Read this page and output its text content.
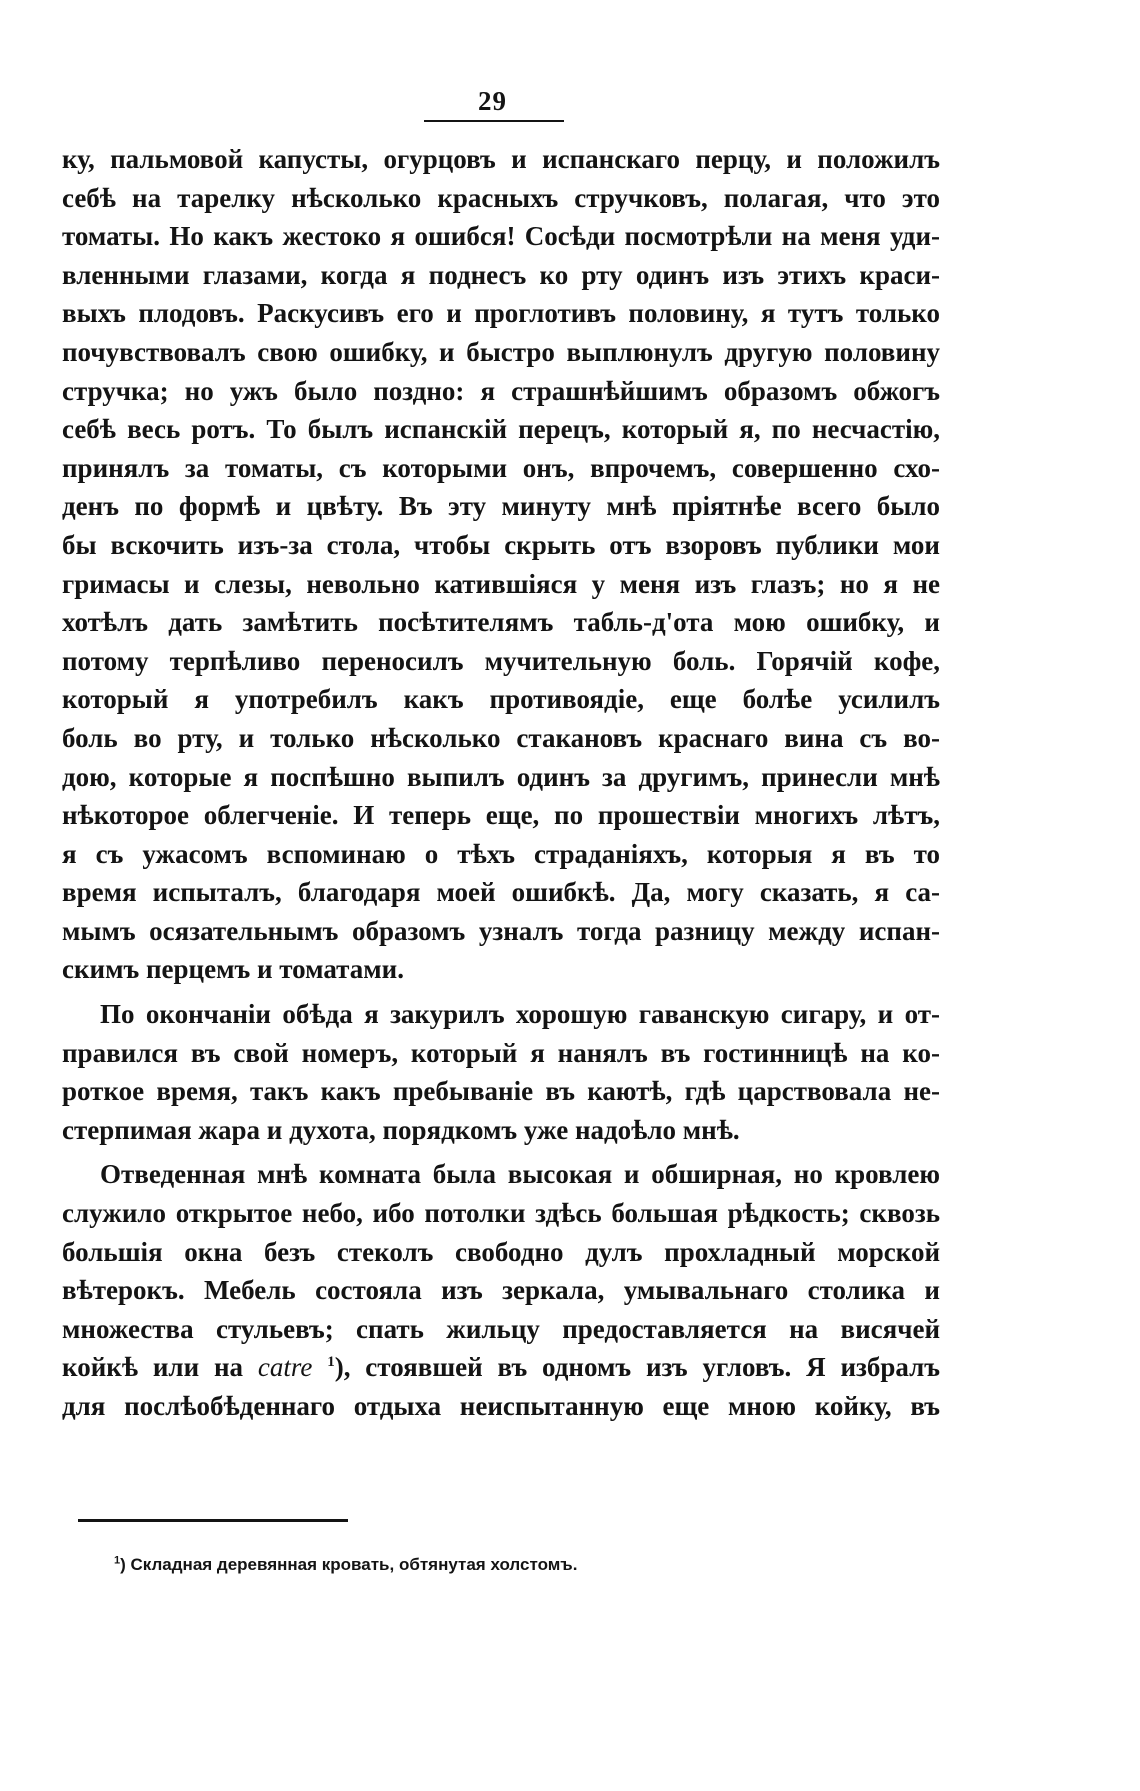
29
ку, пальмовой капусты, огурцовъ и испанскаго перцу, и положилъ
себѣ на тарелку нѣсколько красныхъ стручковъ, полагая, что это
томаты. Но какъ жестоко я ошибся! Сосѣди посмотрѣли на меня уди-
вленными глазами, когда я поднесъ ко рту одинъ изъ этихъ краси-
выхъ плодовъ. Раскусивъ его и проглотивъ половину, я тутъ только
почувствовалъ свою ошибку, и быстро выплюнулъ другую половину
стручка; но ужъ было поздно: я страшнѣйшимъ образомъ обжогъ
себѣ весь ротъ. То былъ испанскій перецъ, который я, по несчастію,
принялъ за томаты, съ которыми онъ, впрочемъ, совершенно схо-
денъ по формѣ и цвѣту. Въ эту минуту мнѣ пріятнѣе всего было
бы вскочить изъ-за стола, чтобы скрыть отъ взоровъ публики мои
гримасы и слезы, невольно катившіяся у меня изъ глазъ; но я не
хотѣлъ дать замѣтить посѣтителямъ табль-д'ота мою ошибку, и
потому терпѣливо переносилъ мучительную боль. Горячій кофе,
который я употребилъ какъ противоядіе, еще болѣе усилилъ
боль во рту, и только нѣсколько стакановъ краснаго вина съ во-
дою, которые я поспѣшно выпилъ одинъ за другимъ, принесли мнѣ
нѣкоторое облегченіе. И теперь еще, по прошествіи многихъ лѣтъ,
я съ ужасомъ вспоминаю о тѣхъ страданіяхъ, которыя я въ то
время испыталъ, благодаря моей ошибкѣ. Да, могу сказать, я са-
мымъ осязательнымъ образомъ узналъ тогда разницу между испан-
скимъ перцемъ и томатами.
По окончаніи обѣда я закурилъ хорошую гаванскую сигару, и от-
правился въ свой номеръ, который я нанялъ въ гостинницѣ на ко-
роткое время, такъ какъ пребываніе въ каютѣ, гдѣ царствовала не-
стерпимая жара и духота, порядкомъ уже надоѣло мнѣ.
Отведенная мнѣ комната была высокая и обширная, но кровлею
служило открытое небо, ибо потолки здѣсь большая рѣдкость; сквозь
большія окна безъ стеколъ свободно дулъ прохладный морской
вѣтерокъ. Мебель состояла изъ зеркала, умывальнаго столика и
множества стульевъ; спать жильцу предоставляется на висячей
койкѣ или на catre $^1$), стоявшей въ одномъ изъ угловъ. Я избралъ
для послѣобѣденнаго отдыха неиспытанную еще мною койку, въ
$^1$) Складная деревянная кровать, обтянутая холстомъ.
